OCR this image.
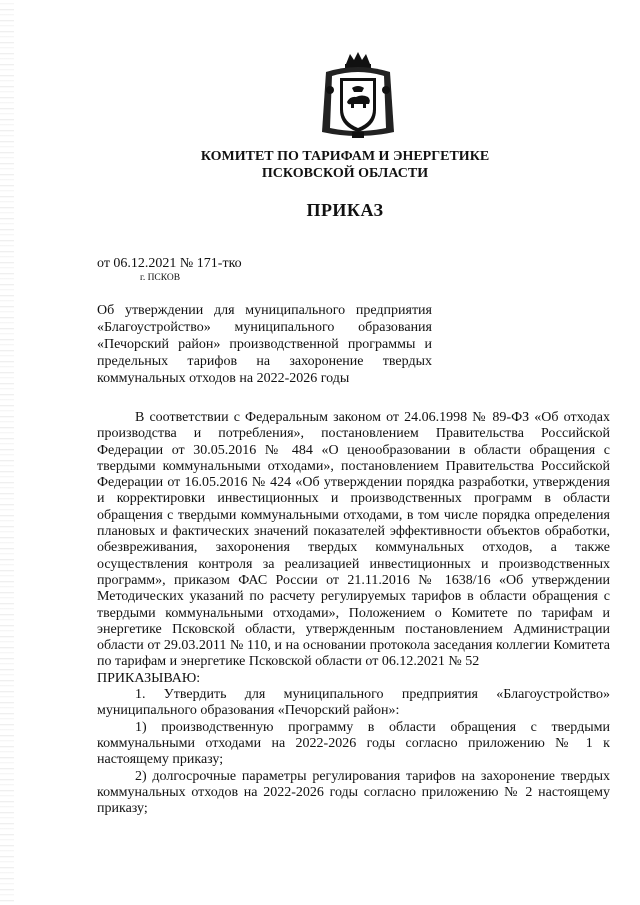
КОМИТЕТ ПО ТАРИФАМ И ЭНЕРГЕТИКЕ
ПСКОВСКОЙ ОБЛАСТИ
ПРИКАЗ
от 06.12.2021 № 171-тко
г. ПСКОВ
Об утверждении для муниципального предприятия «Благоустройство» муниципального образования «Печорский район» производственной программы и предельных тарифов на захоронение твердых коммунальных отходов на 2022-2026 годы

В соответствии с Федеральным законом от 24.06.1998 № 89-ФЗ «Об отходах производства и потребления», постановлением Правительства Российской Федерации от 30.05.2016 № 484 «О ценообразовании в области обращения с твердыми коммунальными отходами», постановлением Правительства Российской Федерации от 16.05.2016 № 424 «Об утверждении порядка разработки, утверждения и корректировки инвестиционных и производственных программ в области обращения с твердыми коммунальными отходами, в том числе порядка определения плановых и фактических значений показателей эффективности объектов обработки, обезвреживания, захоронения твердых коммунальных отходов, а также осуществления контроля за реализацией инвестиционных и производственных программ», приказом ФАС России от 21.11.2016 № 1638/16 «Об утверждении Методических указаний по расчету регулируемых тарифов в области обращения с твердыми коммунальными отходами», Положением о Комитете по тарифам и энергетике Псковской области, утвержденным постановлением Администрации области от 29.03.2011 № 110, и на основании протокола заседания коллегии Комитета по тарифам и энергетике Псковской области от 06.12.2021 № 52

ПРИКАЗЫВАЮ:

1. Утвердить для муниципального предприятия «Благоустройство» муниципального образования «Печорский район»:

1) производственную программу в области обращения с твердыми коммунальными отходами на 2022-2026 годы согласно приложению № 1 к настоящему приказу;

2) долгосрочные параметры регулирования тарифов на захоронение твердых коммунальных отходов на 2022-2026 годы согласно приложению № 2 настоящему приказу;
